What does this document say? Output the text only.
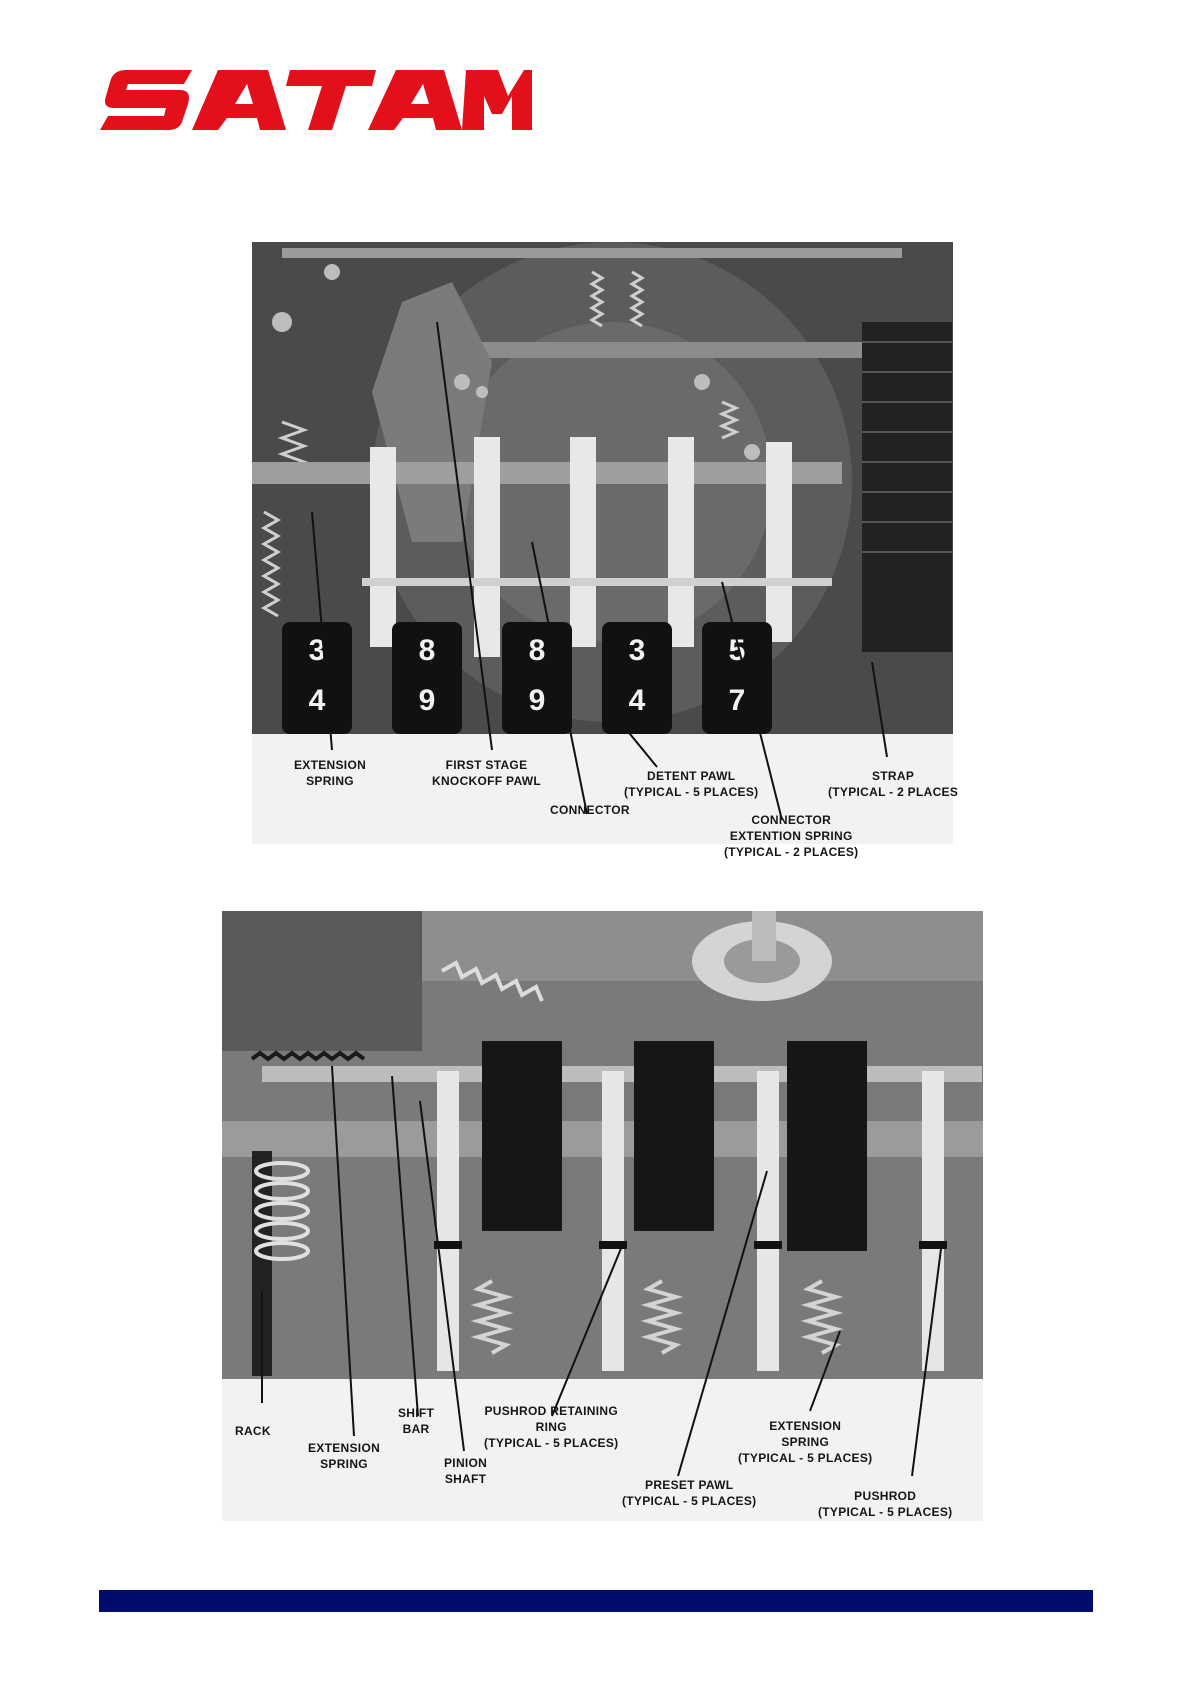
3
4
8
9
8
9
3
4
5
7
EXTENSION
SPRING
FIRST STAGE
KNOCKOFF PAWL
CONNECTOR
DETENT PAWL
(TYPICAL - 5 PLACES)
CONNECTOR
EXTENTION SPRING
(TYPICAL - 2 PLACES)
STRAP
(TYPICAL - 2 PLACES
RACK
EXTENSION
SPRING
SHIFT
BAR
PINION
SHAFT
PUSHROD RETAINING
RING
(TYPICAL - 5 PLACES)
PRESET PAWL
(TYPICAL - 5 PLACES)
EXTENSION
SPRING
(TYPICAL - 5 PLACES)
PUSHROD
(TYPICAL - 5 PLACES)
